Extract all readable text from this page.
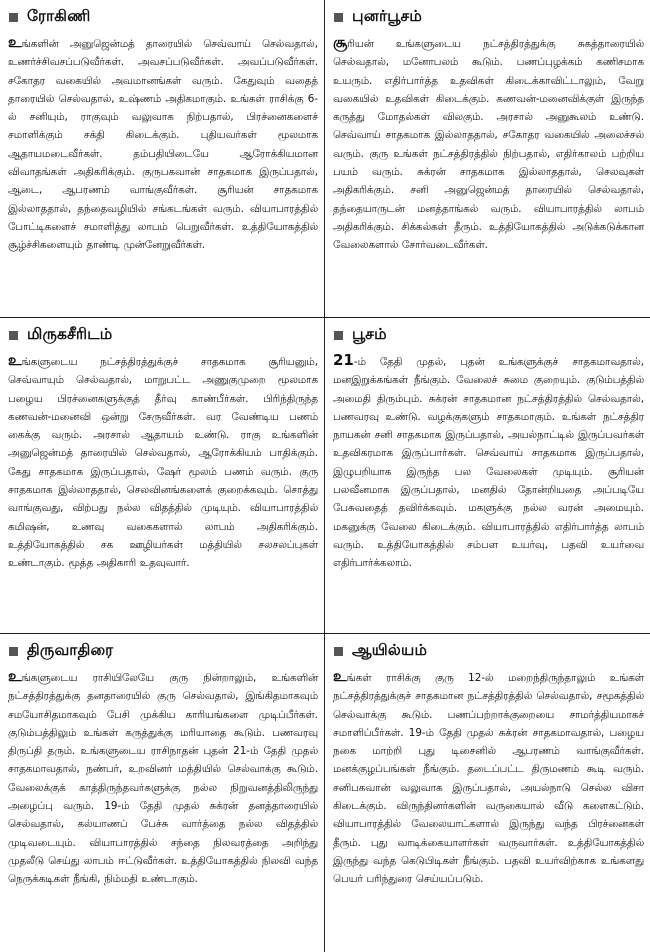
ரோகிணி

உங்களின் அனுஜென்மத் தாரையில் செவ்வாய் செல்வதால், உணர்ச்சிவசப்படுவீர்கள். அவசப்படுவீர்கள். அவப்படுவீர்கள். சகோதர வகையில் அவமானங்கள் வரும். கேதுவும் வதைத் தாரையில் செல்வதால், உஷ்ணம் அதிகமாகும். உங்கள் ராசிக்கு 6-ல் சனியும், ராகுவும் வலுவாக நிற்பதால், பிரச்னைகளைச் சமாளிக்கும் சக்தி கிடைக்கும். புதியவர்கள் மூலமாக ஆதாயமடைவீர்கள். தம்பதியிடையே ஆரோக்கியமான விவாதங்கள் அதிகரிக்கும். குருபகவான் சாதகமாக இருப்பதால், ஆடை, ஆபரணம் வாங்குவீர்கள். சூரியன் சாதகமாக இல்லாததால், தந்தைவழியில் சங்கடங்கள் வரும். வியாபாரத்தில் போட்டிகளைச் சமாளித்து லாபம் பெறுவீர்கள். உத்தியோகத்தில் சூழ்ச்சிகளையும் தாண்டி முன்னேறுவீர்கள்.

புனர்பூசம்

சூரியன் உங்களுடைய நட்சத்திரத்துக்கு சுகத்தாரையில் செல்வதால், மனோபலம் கூடும். பணப்புழக்கம் கணிசமாக உயரும். எதிர்பார்த்த உதவிகள் கிடைக்காவிட்டாலும், வேறு வகையில் உதவிகள் கிடைக்கும். கணவன்-மனைவிக்குள் இருந்த கருத்து மோதல்கள் விலகும். அரசால் அனுகூலம் உண்டு. செவ்வாய் சாதகமாக இல்லாததால், சகோதர வகையில் அலைச்சல் வரும். குரு உங்கள் நட்சத்திரத்தில் நிற்பதால், எதிர்காலம் பற்றிய பயம் வரும். சுக்ரன் சாதகமாக இல்லாததால், செலவுகள் அதிகரிக்கும். சனி அனுஜென்மத் தாரையில் செல்வதால், தந்தையாருடன் மனத்தாங்கல் வரும். வியாபாரத்தில் லாபம் அதிகரிக்கும். சிக்கல்கள் தீரும். உத்தியோகத்தில் அடுக்கடுக்கான வேலைகளால் சோர்வடைவீர்கள்.

மிருகசீரிடம்

உங்களுடைய நட்சத்திரத்துக்குச் சாதகமாக சூரியனும், செவ்வாயும் செல்வதால், மாறுபட்ட அணுகுமுறை மூலமாக பழைய பிரச்னைகளுக்குத் தீர்வு காண்பீர்கள். பிரிந்திருந்த கணவன்-மனைவி ஒன்று சேருவீர்கள். வர வேண்டிய பணம் கைக்கு வரும். அரசால் ஆதாயம் உண்டு. ராகு உங்களின் அனுஜென்மத் தாரையில் செல்வதால், ஆரோக்கியம் பாதிக்கும். கேது சாதகமாக இருப்பதால், ஷேர் மூலம் பணம் வரும். குரு சாதகமாக இல்லாததால், செலவினங்களைக் குறைக்கவும். சொத்து வாங்குவது, விற்பது நல்ல விதத்தில் முடியும். வியாபாரத்தில் கமிஷன், உணவு வகைகளால் லாபம் அதிகரிக்கும். உத்தியோகத்தில் சக ஊழியர்கள் மத்தியில் சலசலப்புகள் உண்டாகும். மூத்த அதிகாரி உதவுவார்.

பூசம்

21-ம் தேதி முதல், புதன் உங்களுக்குச் சாதகமாவதால், மனஇறுக்கங்கள் நீங்கும். வேலைச் சுமை குறையும். குடும்பத்தில் அமைதி திரும்பும். சுக்ரன் சாதகமான நட்சத்திரத்தில் செல்வதால், பணவரவு உண்டு. வழக்குகளும் சாதகமாகும். உங்கள் நட்சத்திர நாயகன் சனி சாதகமாக இருப்பதால், அயல்நாட்டில் இருப்பவர்கள் உதவிகரமாக இருப்பார்கள். செவ்வாய் சாதகமாக இருப்பதால், இழுபறியாக இருந்த பல வேலைகள் முடியும். சூரியன் பலவீனமாக இருப்பதால், மனதில் தோன்றியதை அப்படியே பேசுவதைத் தவிர்க்கவும். மகளுக்கு நல்ல வரன் அமையும். மகனுக்கு வேலை கிடைக்கும். வியாபாரத்தில் எதிர்பார்த்த லாபம் வரும். உத்தியோகத்தில் சம்பள உயர்வு, பதவி உயர்வை எதிர்பார்க்கலாம்.

திருவாதிரை

உங்களுடைய ராசியிலேயே குரு நின்றாலும், உங்களின் நட்சத்திரத்துக்கு தனதாரையில் குரு செல்வதால், இங்கிதமாகவும் சமயோசிதமாகவும் பேசி முக்கிய காரியங்களை முடிப்பீர்கள். குடும்பத்திலும் உங்கள் கருத்துக்கு மரியாதை கூடும். பணவரவு திருப்தி தரும். உங்களுடைய ராசிநாதன் புதன் 21-ம் தேதி முதல் சாதகமாவதால், நண்பர், உறவினர் மத்தியில் செல்வாக்கு கூடும். வேலைக்குக் காத்திருந்தவர்களுக்கு நல்ல நிறுவனத்திலிருந்து அழைப்பு வரும். 19-ம் தேதி முதல் சுக்ரன் தனத்தாரையில் செல்வதால், கல்யாணப் பேச்சு வார்த்தை நல்ல விதத்தில் முடிவடையும். வியாபாரத்தில் சந்தை நிலவரத்தை அறிந்து முதலீடு செய்து லாபம் ஈட்டுவீர்கள். உத்தியோகத்தில் நிலவி வந்த நெருக்கடிகள் நீங்கி, நிம்மதி உண்டாகும்.

ஆயில்யம்

உங்கள் ராசிக்கு குரு 12-ல் மறைந்திருந்தாலும் உங்கள் நட்சத்திரத்துக்குச் சாதகமான நட்சத்திரத்தில் செல்வதால், சமூகத்தில் செல்வாக்கு கூடும். பணப்பற்றாக்குறையை சாமர்த்தியமாகச் சமாளிப்பீர்கள். 19-ம் தேதி முதல் சுக்ரன் சாதகமாவதால், பழைய நகை மாற்றி புது டிசைனில் ஆபரணம் வாங்குவீர்கள். மனக்குழப்பங்கள் நீங்கும். தடைப்பட்ட திருமணம் கூடி வரும். சனிபகவான் வலுவாக இருப்பதால், அயல்நாடு செல்ல விசா கிடைக்கும். விருந்தினர்களின் வருகையால் வீடு களைகட்டும். வியாபாரத்தில் வேலையாட்களால் இருந்து வந்த பிரச்னைகள் தீரும். புது வாடிக்கையாளர்கள் வருவார்கள். உத்தியோகத்தில் இருந்து வந்த கெடுபிடிகள் நீங்கும். பதவி உயர்விற்காக உங்களது பெயர் பரிந்துரை செய்யப்படும்.
